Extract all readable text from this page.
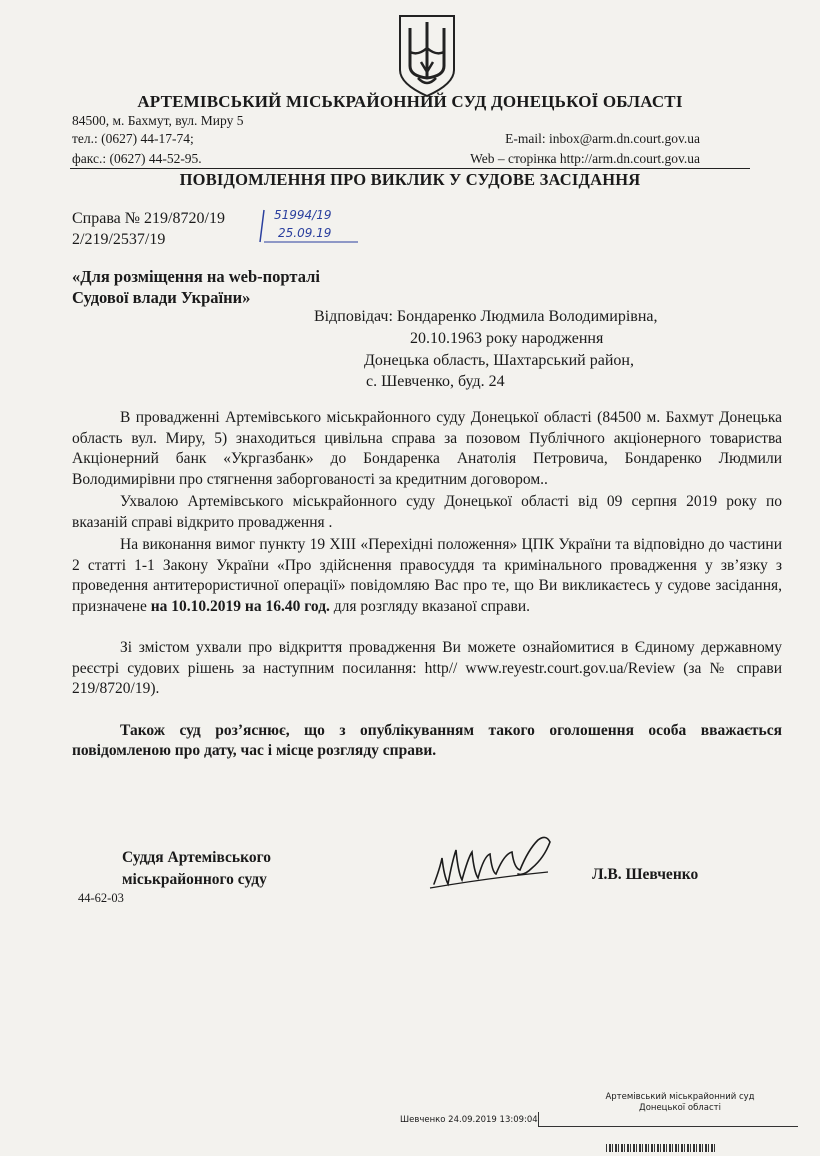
АРТЕМІВСЬКИЙ МІСЬКРАЙОННИЙ СУД ДОНЕЦЬКОЇ ОБЛАСТІ
84500, м. Бахмут, вул. Миру 5
тел.: (0627) 44-17-74;
факс.: (0627) 44-52-95.
E-mail: inbox@arm.dn.court.gov.ua
Web – сторінка http://arm.dn.court.gov.ua
ПОВІДОМЛЕННЯ ПРО ВИКЛИК У СУДОВЕ ЗАСІДАННЯ
Справа № 219/8720/19
2/219/2537/19
51994/19
25.09.19
«Для розміщення на web-порталі
Судової влади України»
Відповідач: Бондаренко Людмила Володимирівна,
20.10.1963 року народження
Донецька область, Шахтарський район,
с. Шевченко, буд. 24

В провадженні Артемівського міськрайонного суду Донецької області (84500 м. Бахмут Донецька область вул. Миру, 5) знаходиться цивільна справа за позовом Публічного акціонерного товариства Акціонерний банк «Укргазбанк» до Бондаренка Анатолія Петровича, Бондаренко Людмили Володимирівни про стягнення заборгованості за кредитним договором..

Ухвалою Артемівського міськрайонного суду Донецької області від 09 серпня 2019 року по вказаній справі відкрито провадження .

На виконання вимог пункту 19 XIII «Перехідні положення» ЦПК України та відповідно до частини 2 статті 1-1 Закону України «Про здійснення правосуддя та кримінального провадження у зв’язку з проведення антитерористичної операції» повідомляю Вас про те, що Ви викликаєтесь у судове засідання, призначене на 10.10.2019 на 16.40 год. для розгляду вказаної справи.

Зі змістом ухвали про відкриття провадження Ви можете ознайомитися в Єдиному державному реєстрі судових рішень за наступним посилання: http// www.reyestr.court.gov.ua/Review (за № справи 219/8720/19).

Також суд роз’яснює, що з опублікуванням такого оголошення особа вважається повідомленою про дату, час і місце розгляду справи.

Суддя Артемівського
міськрайонного суду
44-62-03
Л.В. Шевченко
Артемівський міськрайонний суд
Донецької області
Шевченко 24.09.2019 13:09:04
